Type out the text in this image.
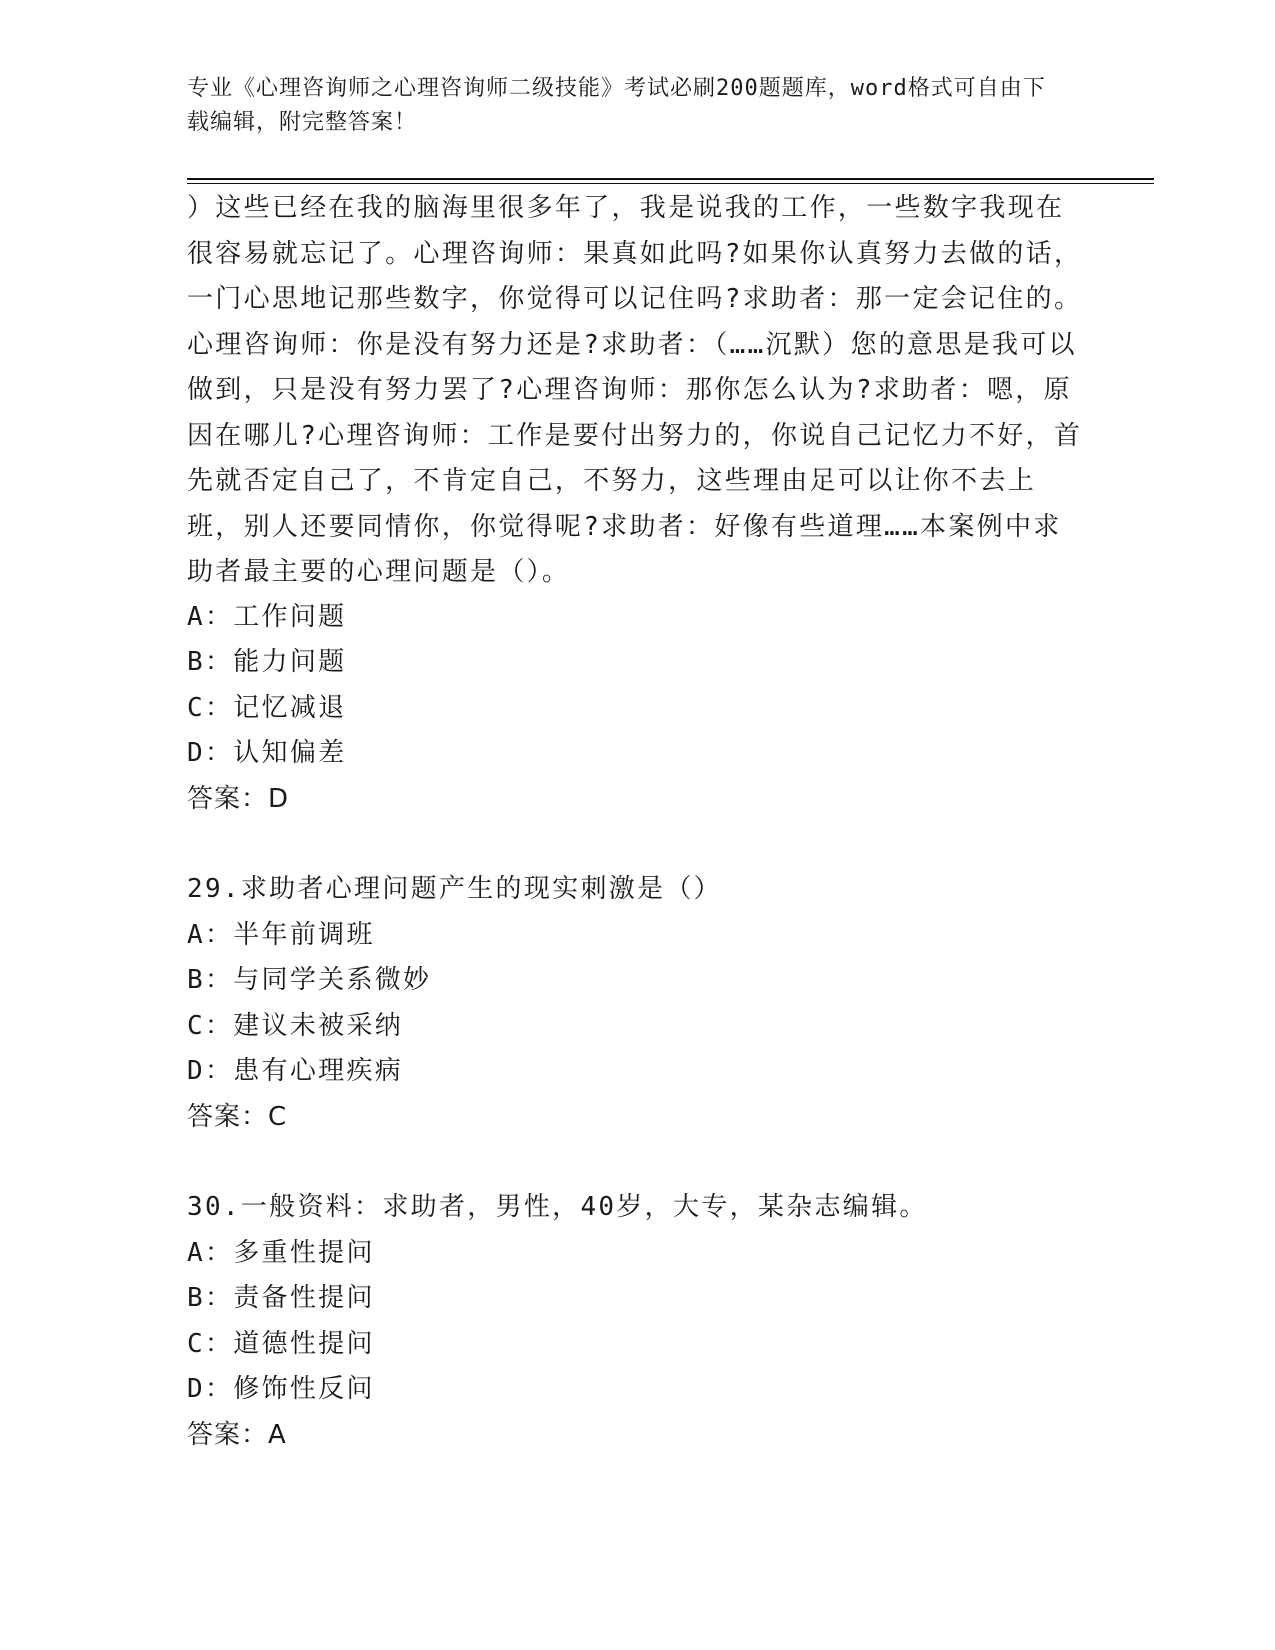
专业《心理咨询师之心理咨询师二级技能》考试必刷200题题库，word格式可自由下载编辑，附完整答案！

）这些已经在我的脑海里很多年了，我是说我的工作，一些数字我现在很容易就忘记了。心理咨询师：果真如此吗?如果你认真努力去做的话，一门心思地记那些数字，你觉得可以记住吗?求助者：那一定会记住的。心理咨询师：你是没有努力还是?求助者：（……沉默）您的意思是我可以做到，只是没有努力罢了?心理咨询师：那你怎么认为?求助者：嗯，原因在哪儿?心理咨询师：工作是要付出努力的，你说自己记忆力不好，首先就否定自己了，不肯定自己，不努力，这些理由足可以让你不去上班，别人还要同情你，你觉得呢?求助者：好像有些道理……本案例中求助者最主要的心理问题是（）。

A：工作问题
B：能力问题
C：记忆减退
D：认知偏差
答案：D
29.求助者心理问题产生的现实刺激是（）
A：半年前调班
B：与同学关系微妙
C：建议未被采纳
D：患有心理疾病
答案：C
30.一般资料：求助者，男性，40岁，大专，某杂志编辑。
A：多重性提问
B：责备性提问
C：道德性提问
D：修饰性反问
答案：A
